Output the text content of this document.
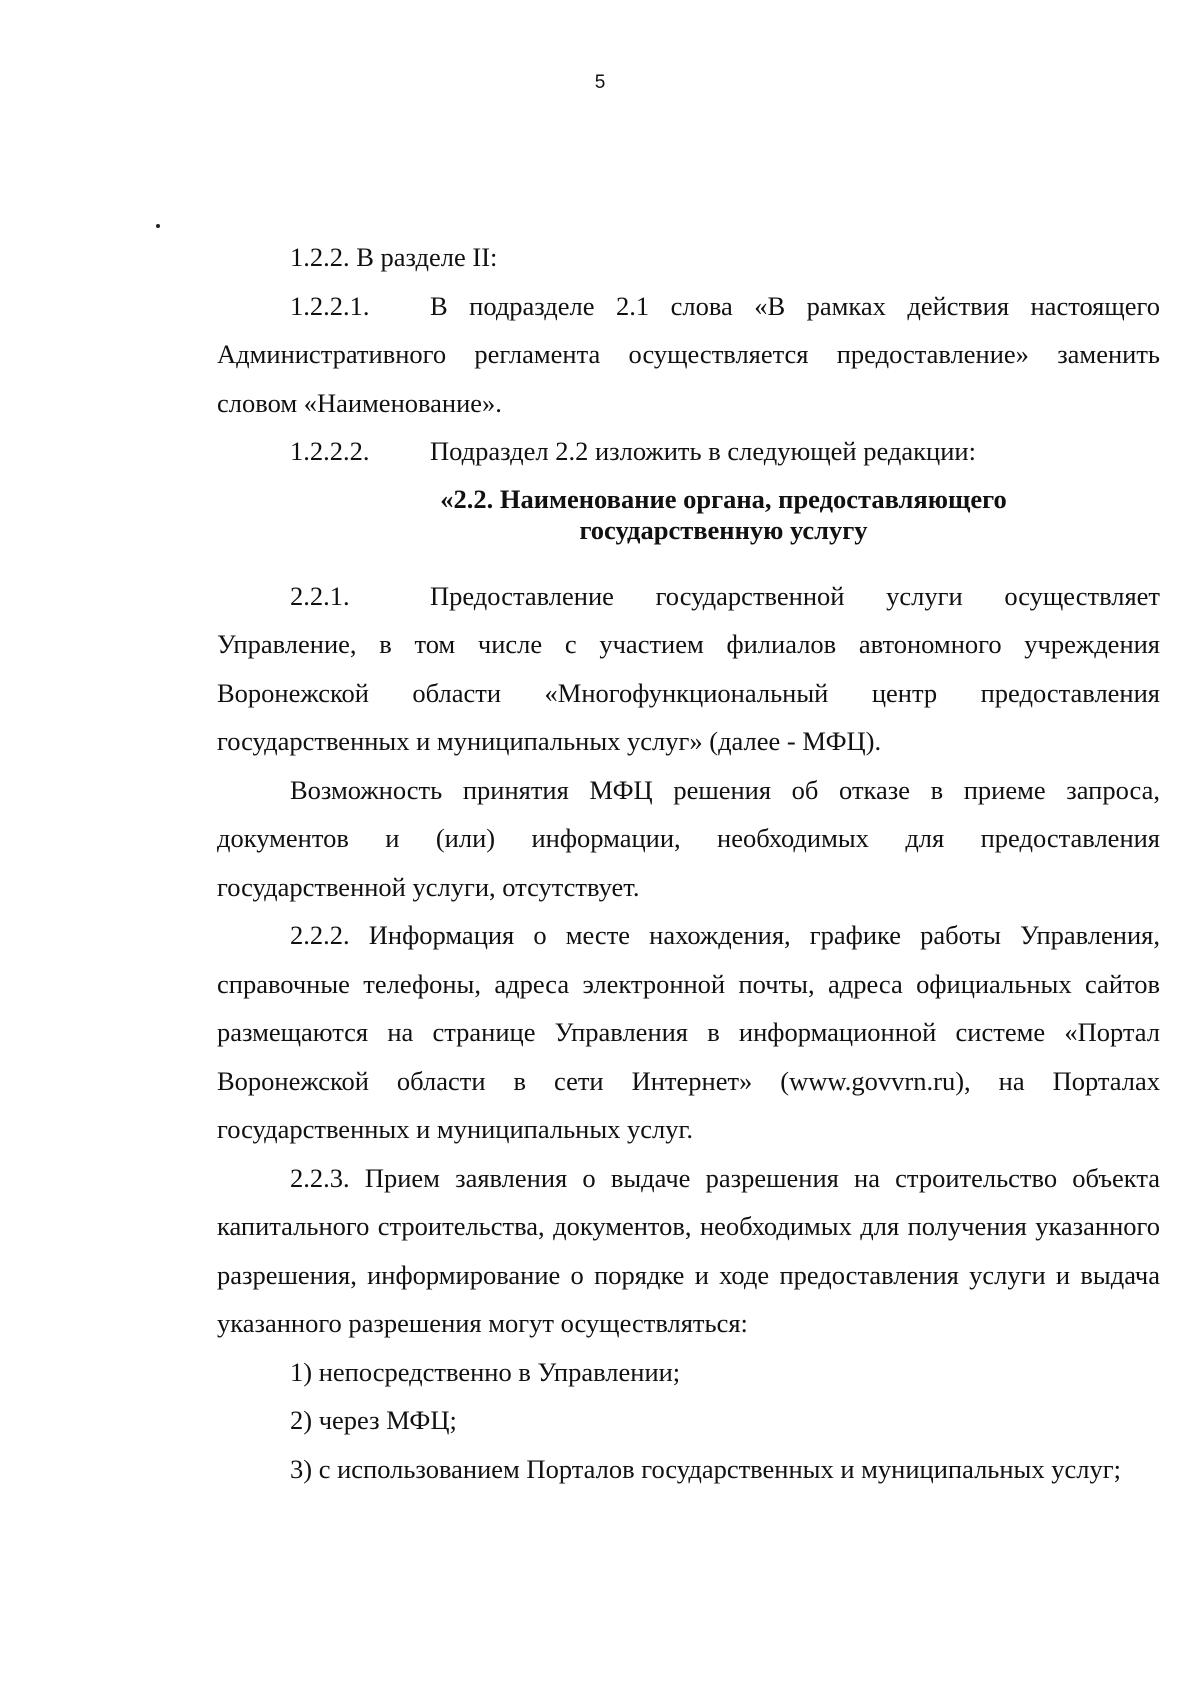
5

1.2.2. В разделе II:

1.2.2.1.	В подразделе 2.1 слова «В рамках действия настоящего

Административного регламента осуществляется предоставление» заменить словом «Наименование».

1.2.2.2.	Подраздел 2.2 изложить в следующей редакции:
«2.2. Наименование органа, предоставляющего
государственную услугу
2.2.1.	Предоставление государственной услуги осуществляет

Управление, в том числе с участием филиалов автономного учреждения Воронежской области «Многофункциональный центр предоставления государственных и муниципальных услуг» (далее - МФЦ).

Возможность принятия МФЦ решения об отказе в приеме запроса, документов и (или) информации, необходимых для предоставления государственной услуги, отсутствует.

2.2.2. Информация о месте нахождения, графике работы Управления, справочные телефоны, адреса электронной почты, адреса официальных сайтов размещаются на странице Управления в информационной системе «Портал Воронежской области в сети Интернет» (www.govvrn.ru), на Порталах государственных и муниципальных услуг.

2.2.3. Прием заявления о выдаче разрешения на строительство объекта капитального строительства, документов, необходимых для получения указанного разрешения, информирование о порядке и ходе предоставления услуги и выдача указанного разрешения могут осуществляться:

1) непосредственно в Управлении;

2) через МФЦ;

3) с использованием Порталов государственных и муниципальных услуг;
